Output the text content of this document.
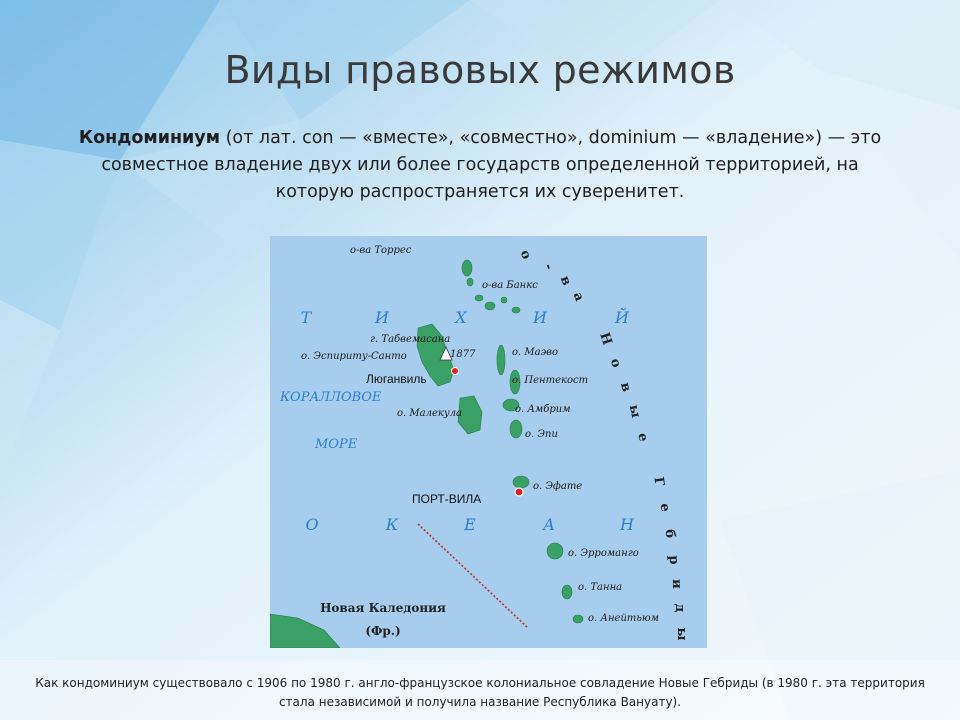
Виды правовых режимов
Кондоминиум (от лат. con — «вместе», «совместно», dominium — «владение») — это совместное владение двух или более государств определенной территорией, на которую распространяется их суверенитет.
о-ва Торрес
о-ва Банкс
г. Табвемасана
1877
о. Эспириту-Санто	о. Маэво
о. Пентекост
о. Малекула	о. Амбрим
о. Эпи
о. Эфате
о. Эрроманго
о. Танна
о. Анейтьюм
Люганвиль
ПОРТ-ВИЛА
Новая Каледония
(Фр.)
КОРАЛЛОВОЕ
МОРЕ
Т	И	Х	И	Й
О	К	Е	А	Н
о
-
в
а
Н
о
в
ы
е
Г
е
б
р
и
д
ы
Как кондоминиум существовало с 1906 по 1980 г. англо-французское колониальное совладение Новые Гебриды (в 1980 г. эта территория
стала независимой и получила название Республика Вануату).
